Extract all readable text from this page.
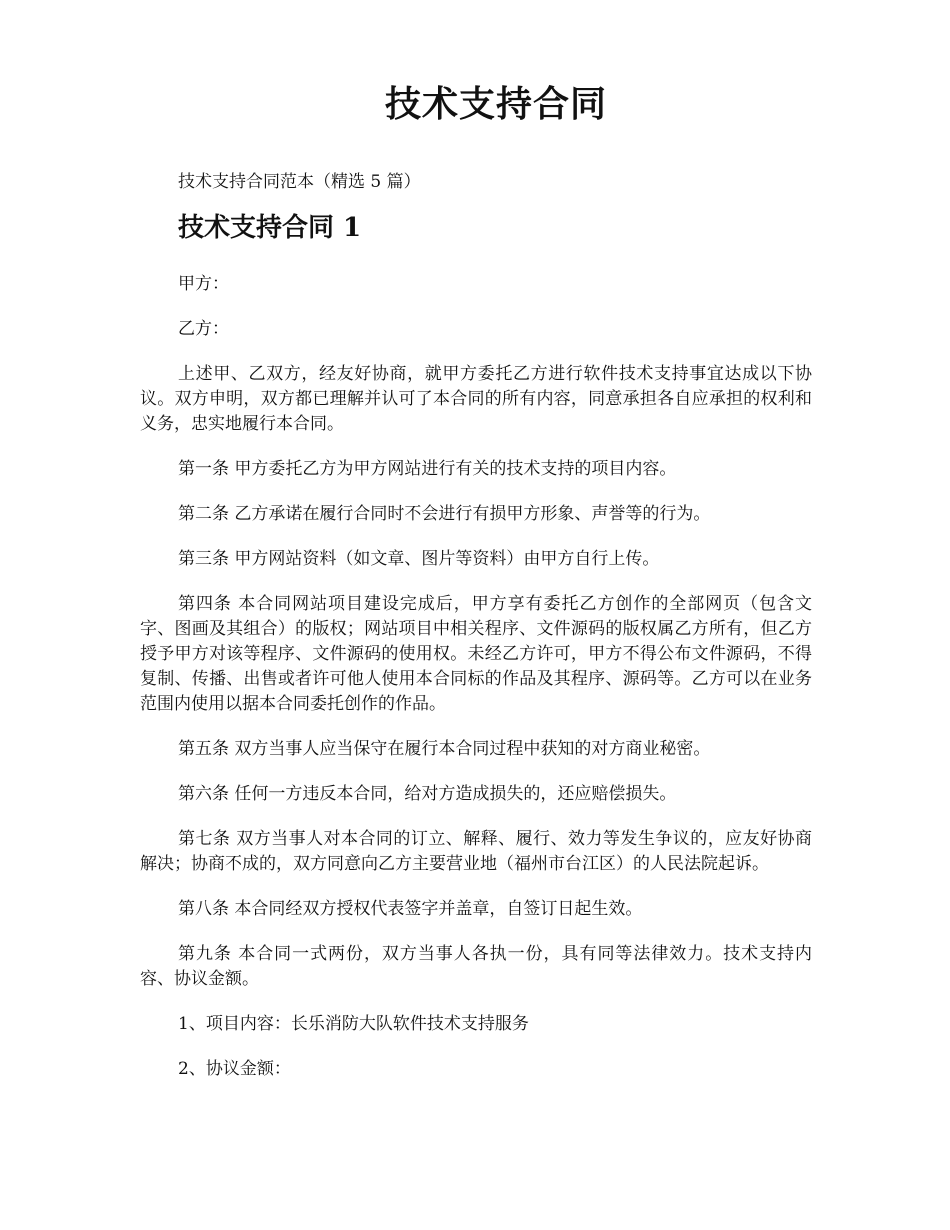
技术支持合同

技术支持合同范本（精选 5 篇）

技术支持合同 1

甲方：

乙方：

上述甲、乙双方，经友好协商，就甲方委托乙方进行软件技术支持事宜达成以下协议。双方申明，双方都已理解并认可了本合同的所有内容，同意承担各自应承担的权利和义务，忠实地履行本合同。

第一条 甲方委托乙方为甲方网站进行有关的技术支持的项目内容。

第二条 乙方承诺在履行合同时不会进行有损甲方形象、声誉等的行为。

第三条 甲方网站资料（如文章、图片等资料）由甲方自行上传。

第四条 本合同网站项目建设完成后，甲方享有委托乙方创作的全部网页（包含文字、图画及其组合）的版权；网站项目中相关程序、文件源码的版权属乙方所有，但乙方授予甲方对该等程序、文件源码的使用权。未经乙方许可，甲方不得公布文件源码，不得复制、传播、出售或者许可他人使用本合同标的作品及其程序、源码等。乙方可以在业务范围内使用以据本合同委托创作的作品。

第五条 双方当事人应当保守在履行本合同过程中获知的对方商业秘密。

第六条 任何一方违反本合同，给对方造成损失的，还应赔偿损失。

第七条 双方当事人对本合同的订立、解释、履行、效力等发生争议的，应友好协商解决；协商不成的，双方同意向乙方主要营业地（福州市台江区）的人民法院起诉。

第八条 本合同经双方授权代表签字并盖章，自签订日起生效。

第九条 本合同一式两份，双方当事人各执一份，具有同等法律效力。技术支持内容、协议金额。

1、项目内容：长乐消防大队软件技术支持服务

2、协议金额：
